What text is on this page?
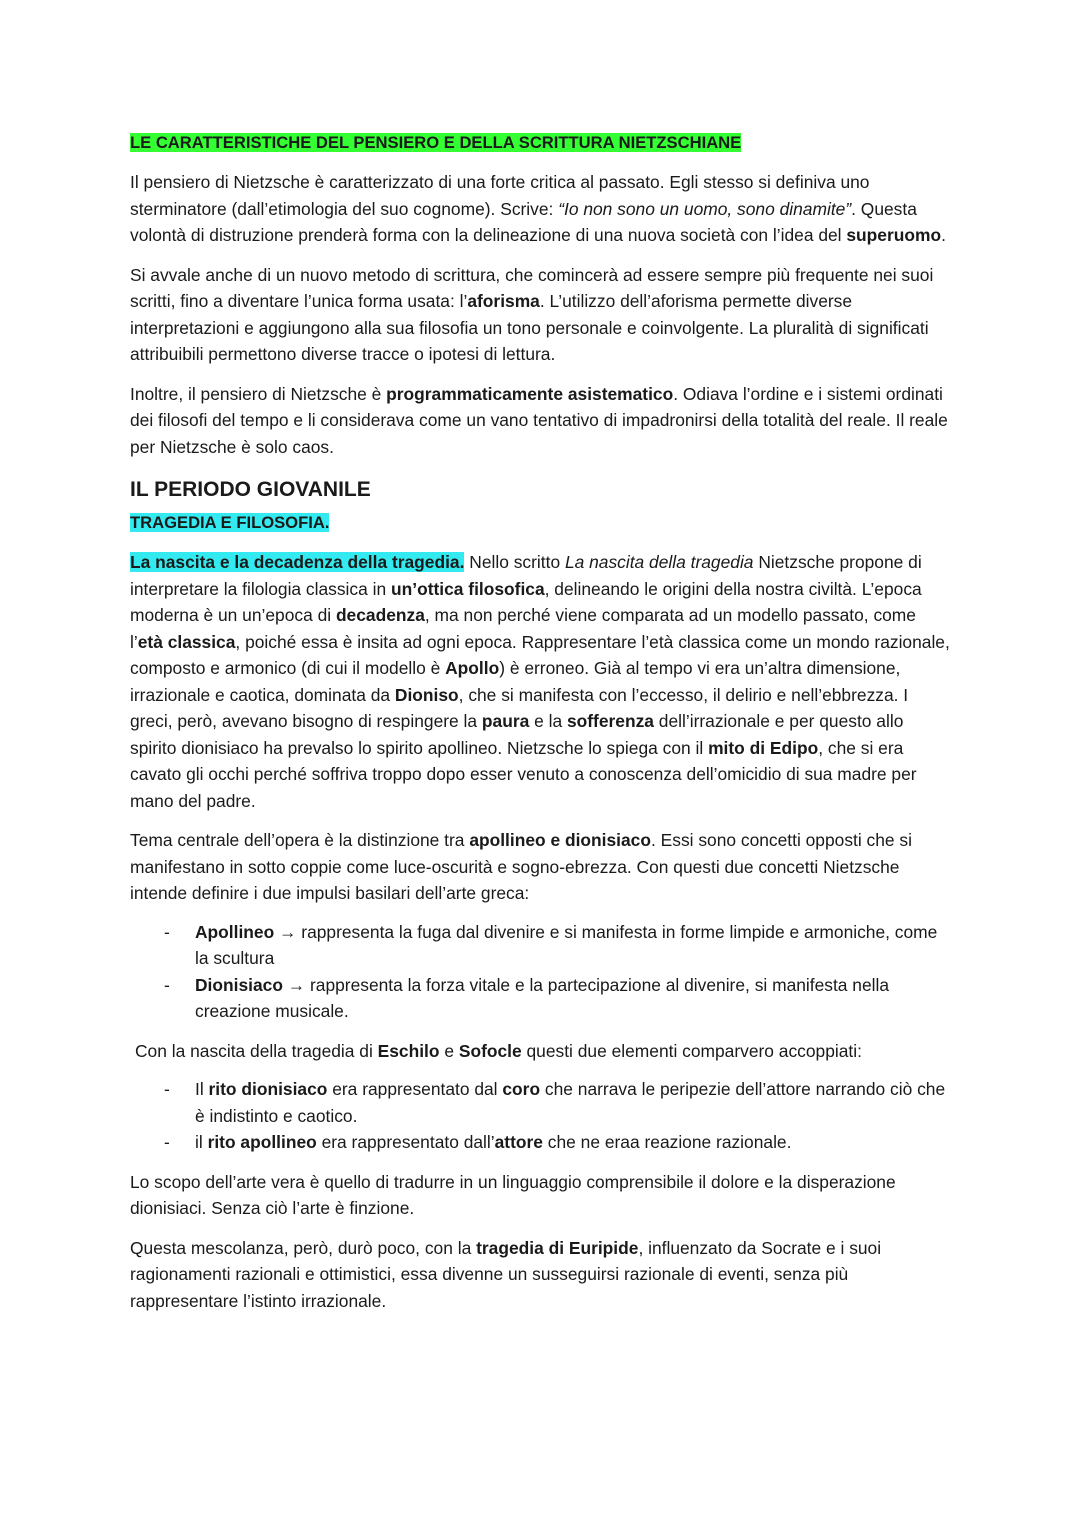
LE CARATTERISTICHE DEL PENSIERO E DELLA SCRITTURA NIETZSCHIANE

Il pensiero di Nietzsche è caratterizzato di una forte critica al passato. Egli stesso si definiva uno sterminatore (dall’etimologia del suo cognome). Scrive: “Io non sono un uomo, sono dinamite”. Questa volontà di distruzione prenderà forma con la delineazione di una nuova società con l’idea del superuomo.

Si avvale anche di un nuovo metodo di scrittura, che comincerà ad essere sempre più frequente nei suoi scritti, fino a diventare l’unica forma usata: l’aforisma. L’utilizzo dell’aforisma permette diverse interpretazioni e aggiungono alla sua filosofia un tono personale e coinvolgente. La pluralità di significati attribuibili permettono diverse tracce o ipotesi di lettura.

Inoltre, il pensiero di Nietzsche è programmaticamente asistematico. Odiava l’ordine e i sistemi ordinati dei filosofi del tempo e li considerava come un vano tentativo di impadronirsi della totalità del reale. Il reale per Nietzsche è solo caos.

IL PERIODO GIOVANILE

TRAGEDIA E FILOSOFIA.

La nascita e la decadenza della tragedia. Nello scritto La nascita della tragedia Nietzsche propone di interpretare la filologia classica in un’ottica filosofica, delineando le origini della nostra civiltà. L’epoca moderna è un un’epoca di decadenza, ma non perché viene comparata ad un modello passato, come l’età classica, poiché essa è insita ad ogni epoca. Rappresentare l’età classica come un mondo razionale, composto e armonico (di cui il modello è Apollo) è erroneo. Già al tempo vi era un’altra dimensione, irrazionale e caotica, dominata da Dioniso, che si manifesta con l’eccesso, il delirio e nell’ebbrezza. I greci, però, avevano bisogno di respingere la paura e la sofferenza dell’irrazionale e per questo allo spirito dionisiaco ha prevalso lo spirito apollineo. Nietzsche lo spiega con il mito di Edipo, che si era cavato gli occhi perché soffriva troppo dopo esser venuto a conoscenza dell’omicidio di sua madre per mano del padre.

Tema centrale dell’opera è la distinzione tra apollineo e dionisiaco. Essi sono concetti opposti che si manifestano in sotto coppie come luce-oscurità e sogno-ebrezza. Con questi due concetti Nietzsche intende definire i due impulsi basilari dell’arte greca:

- Apollineo → rappresenta la fuga dal divenire e si manifesta in forme limpide e armoniche, come la scultura
- Dionisiaco → rappresenta la forza vitale e la partecipazione al divenire, si manifesta nella creazione musicale.

Con la nascita della tragedia di Eschilo e Sofocle questi due elementi comparvero accoppiati:

- Il rito dionisiaco era rappresentato dal coro che narrava le peripezie dell’attore narrando ciò che è indistinto e caotico.
- il rito apollineo era rappresentato dall’attore che ne eraa reazione razionale.

Lo scopo dell’arte vera è quello di tradurre in un linguaggio comprensibile il dolore e la disperazione dionisiaci. Senza ciò l’arte è finzione.

Questa mescolanza, però, durò poco, con la tragedia di Euripide, influenzato da Socrate e i suoi ragionamenti razionali e ottimistici, essa divenne un susseguirsi razionale di eventi, senza più rappresentare l’istinto irrazionale.
